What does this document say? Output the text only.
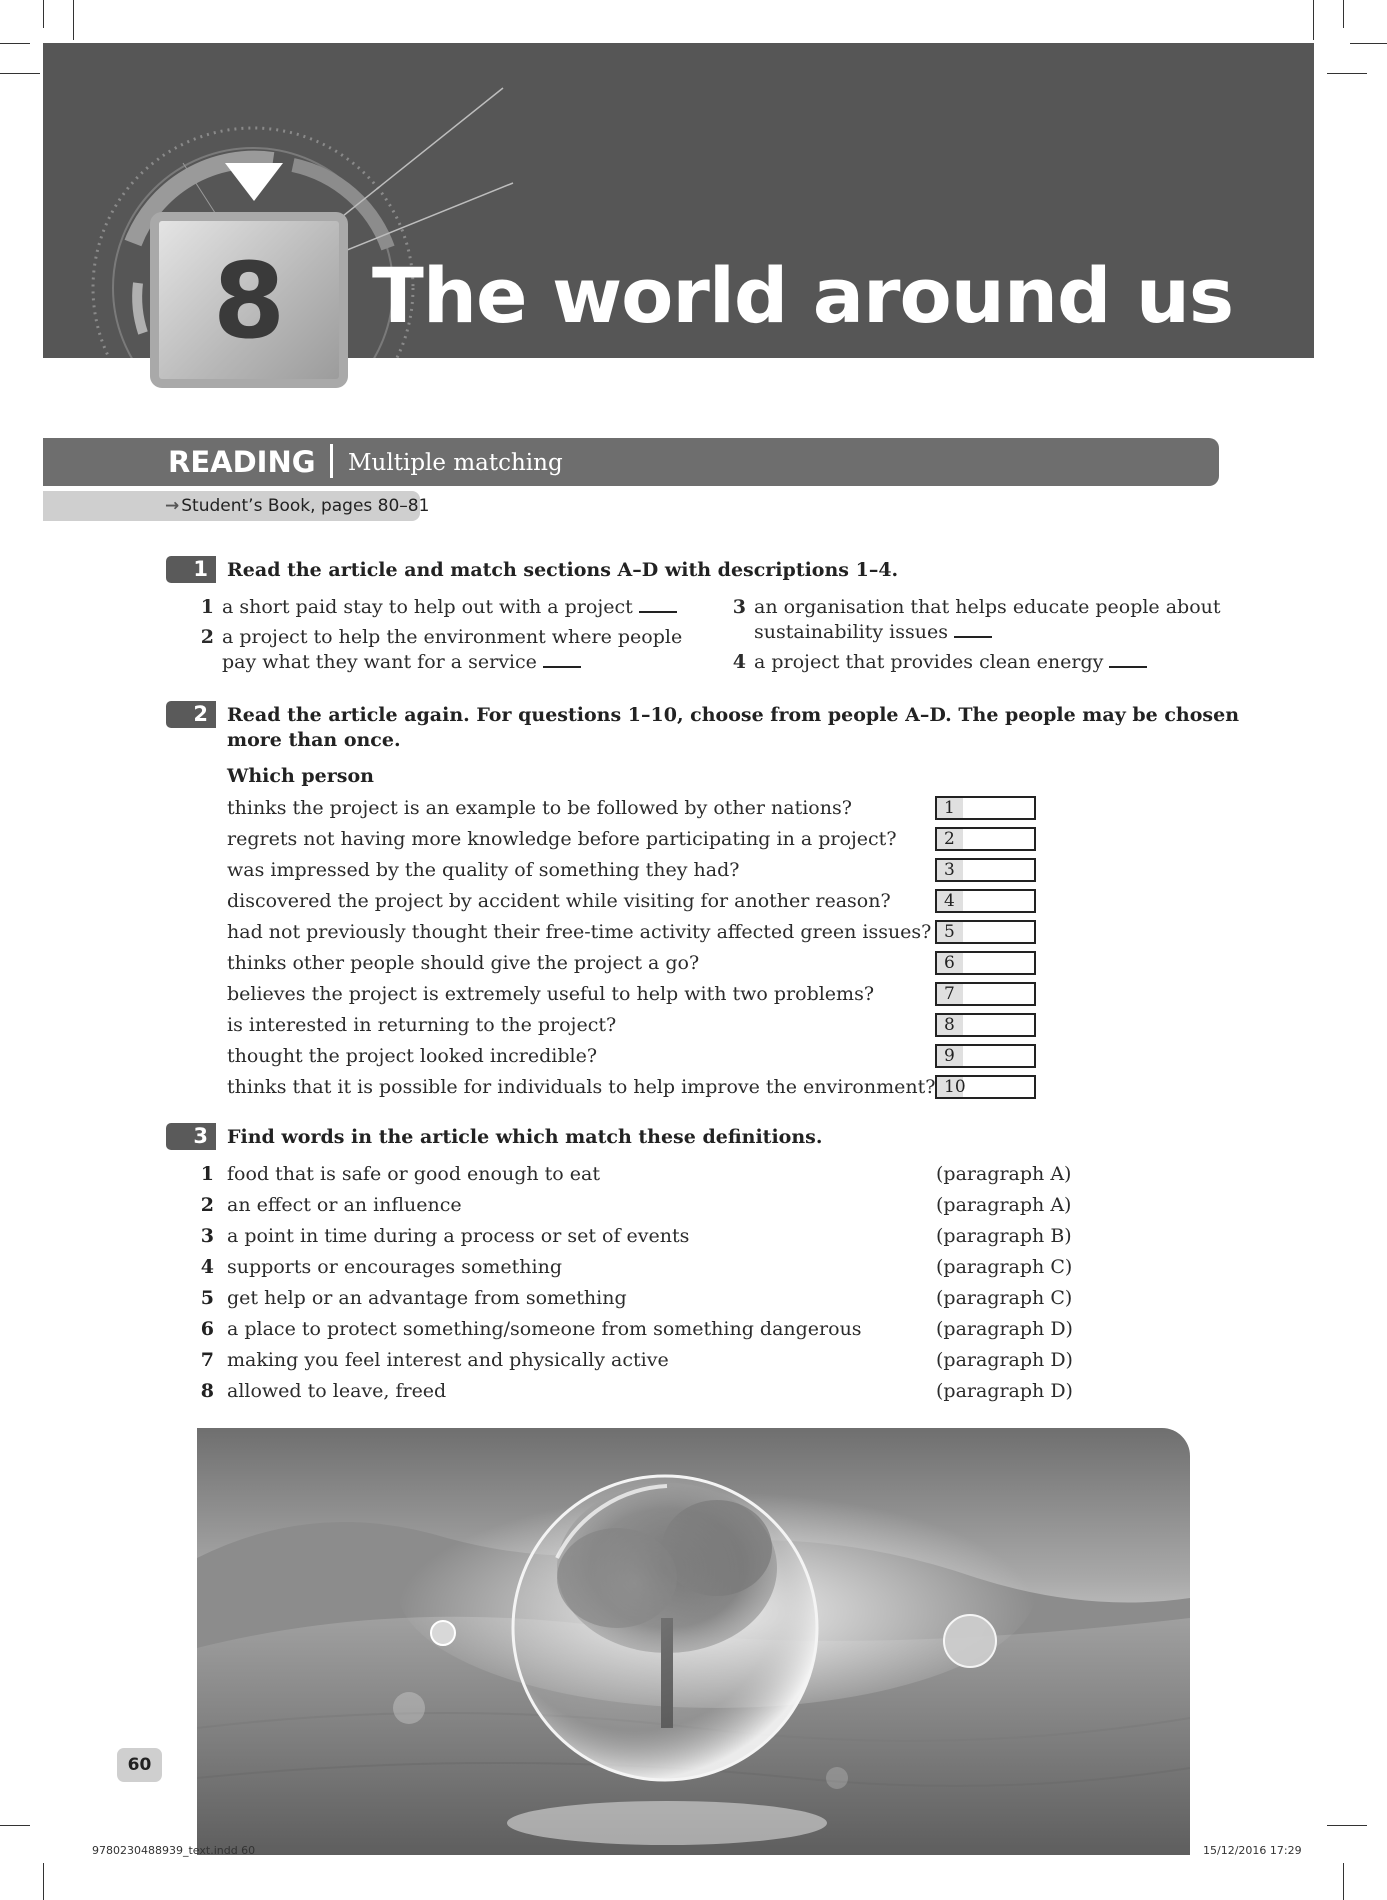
8	The world around us
READING Multiple matching
→ Student’s Book, pages 80–81
1	Read the article and match sections A–D with descriptions 1–4.
1 a short paid stay to help out with a project
2 a project to help the environment where people
pay what they want for a service
3 an organisation that helps educate people about
sustainability issues
4 a project that provides clean energy
2	Read the article again. For questions 1–10, choose from people A–D. The people may be chosen
more than once.
Which person
thinks the project is an example to be followed by other nations?	1
regrets not having more knowledge before participating in a project?	2
was impressed by the quality of something they had?	3
discovered the project by accident while visiting for another reason?	4
had not previously thought their free-time activity affected green issues? 5
thinks other people should give the project a go?	6
believes the project is extremely useful to help with two problems?	7
is interested in returning to the project?	8
thought the project looked incredible?	9
thinks that it is possible for individuals to help improve the environment? 10
3	Find words in the article which match these definitions.
1 food that is safe or good enough to eat	(paragraph A)
2 an effect or an influence	(paragraph A)
3 a point in time during a process or set of events	(paragraph B)
4 supports or encourages something	(paragraph C)
5 get help or an advantage from something	(paragraph C)
6 a place to protect something/someone from something dangerous	(paragraph D)
7 making you feel interest and physically active	(paragraph D)
8 allowed to leave, freed	(paragraph D)
60
9780230488939_text.indd 60	15/12/2016 17:29
